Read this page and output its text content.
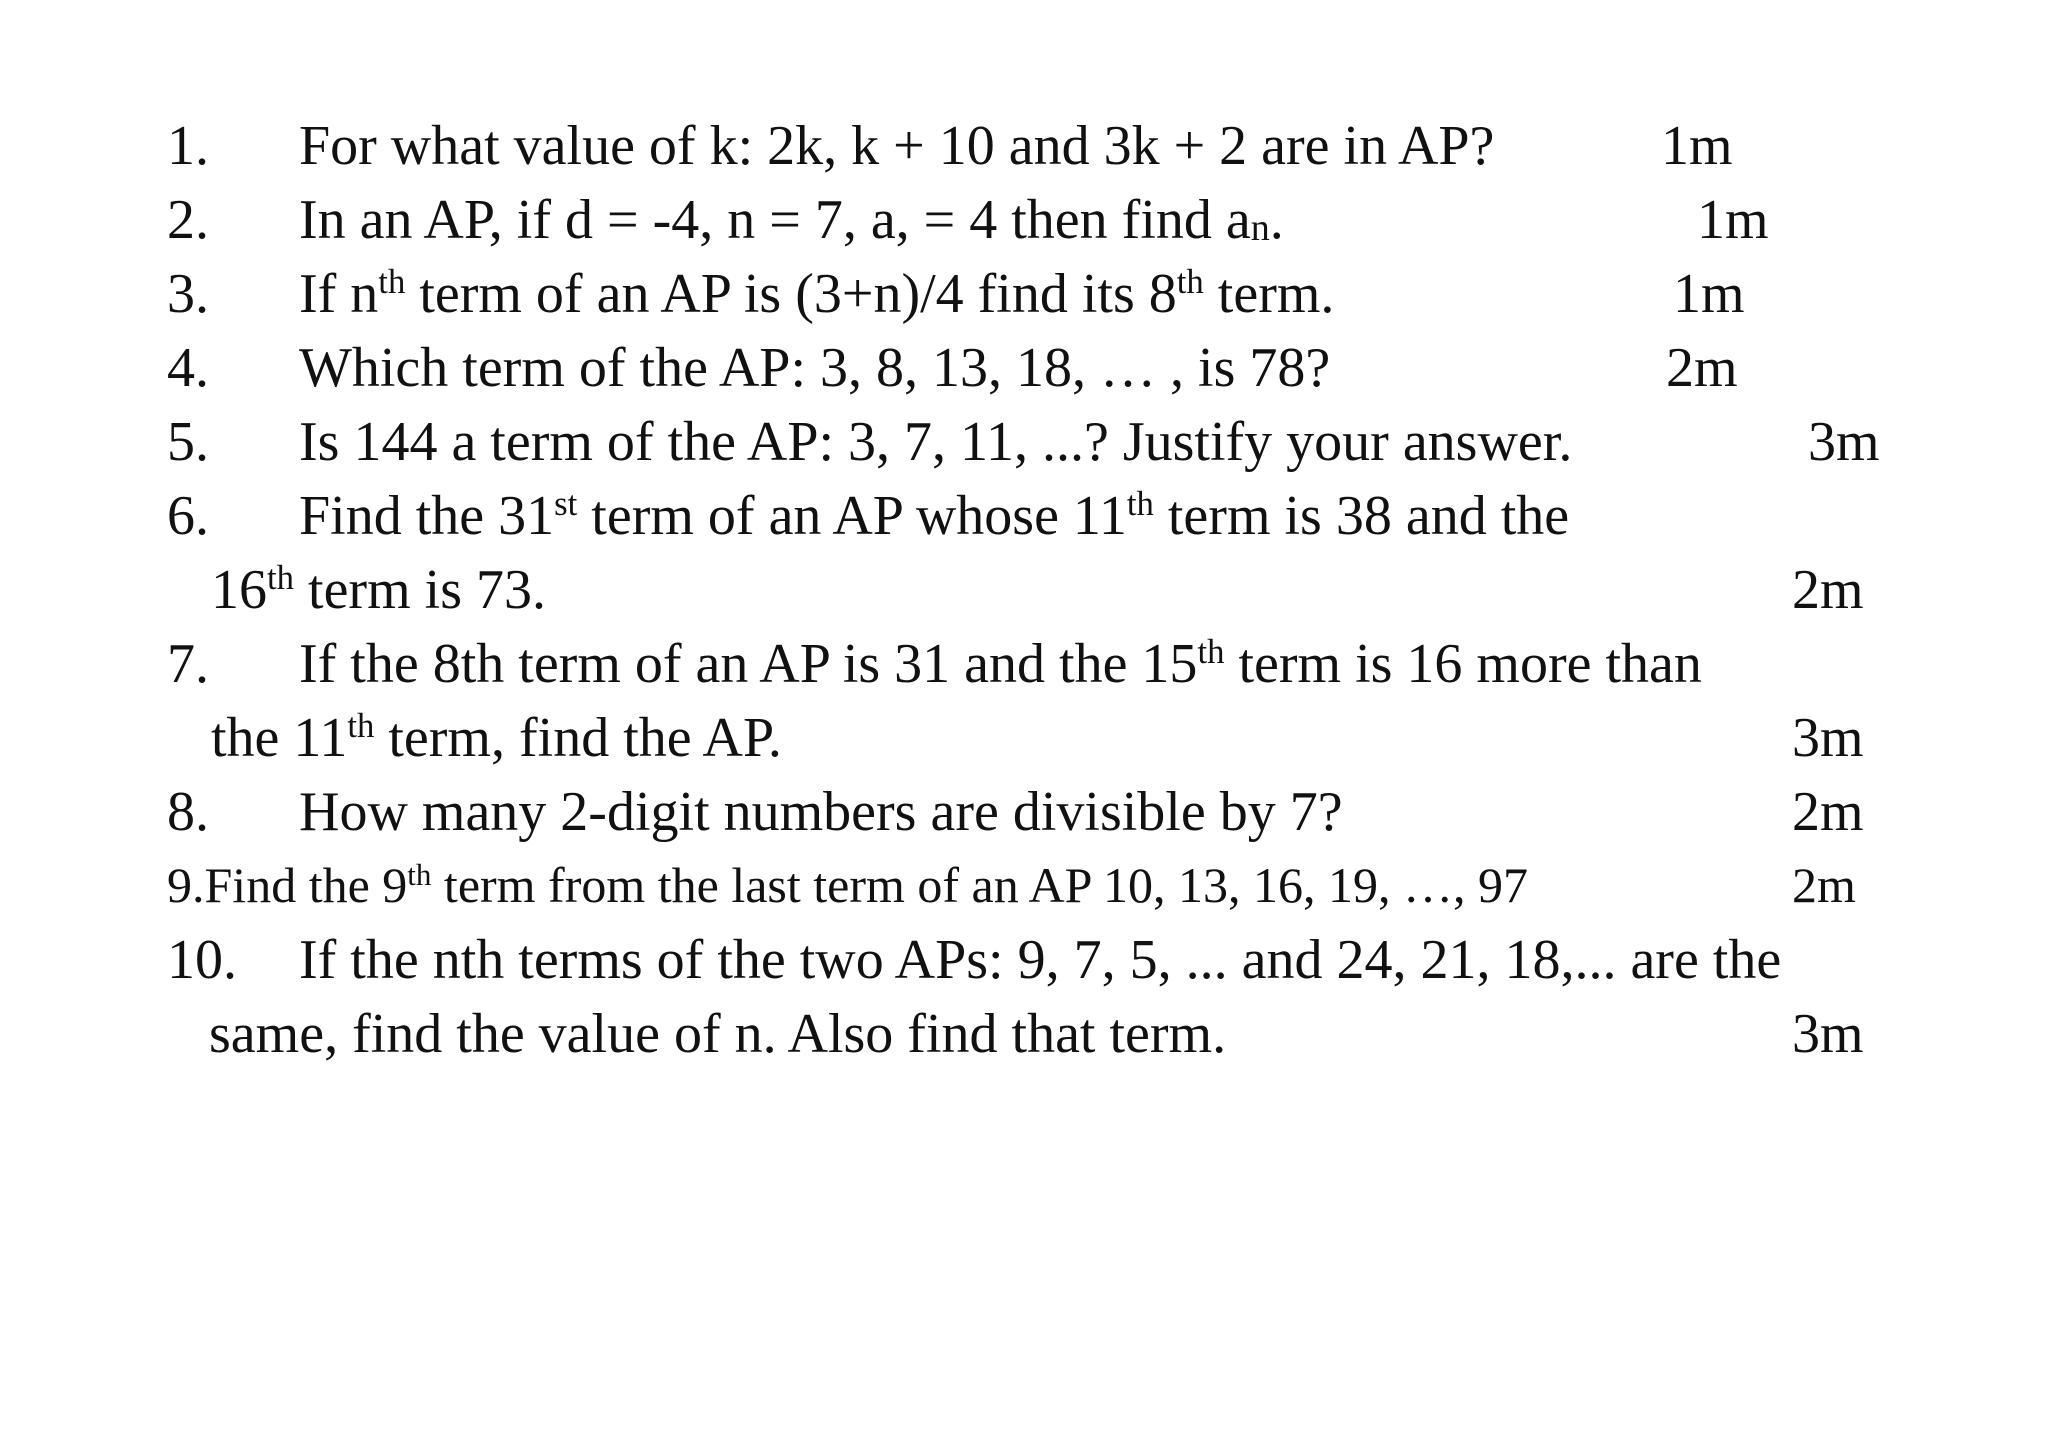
1. For what value of k: 2k, k + 10 and 3k + 2 are in AP?	1m
2. In an AP, if d = -4, n = 7, a, = 4 then find $a_n$.	1m
3. If $n^{th}$ term of an AP is (3+n)/4 find its 8th term.	1m
4. Which term of the AP: 3, 8, 13, 18, … , is 78?	2m
5. Is 144 a term of the AP: 3, 7, 11, ...? Justify your answer.	3m
6. Find the 31st term of an AP whose 11th term is 38 and the
16th term is 73.	2m
7. If the 8th term of an AP is 31 and the 15th term is 16 more than
the 11th term, find the AP.	3m
8. How many 2-digit numbers are divisible by 7?	2m
9.Find the 9th term from the last term of an AP 10, 13, 16, 19, …, 97	2m
10. If the nth terms of the two APs: 9, 7, 5, ... and 24, 21, 18,... are the
same, find the value of n. Also find that term.	3m
